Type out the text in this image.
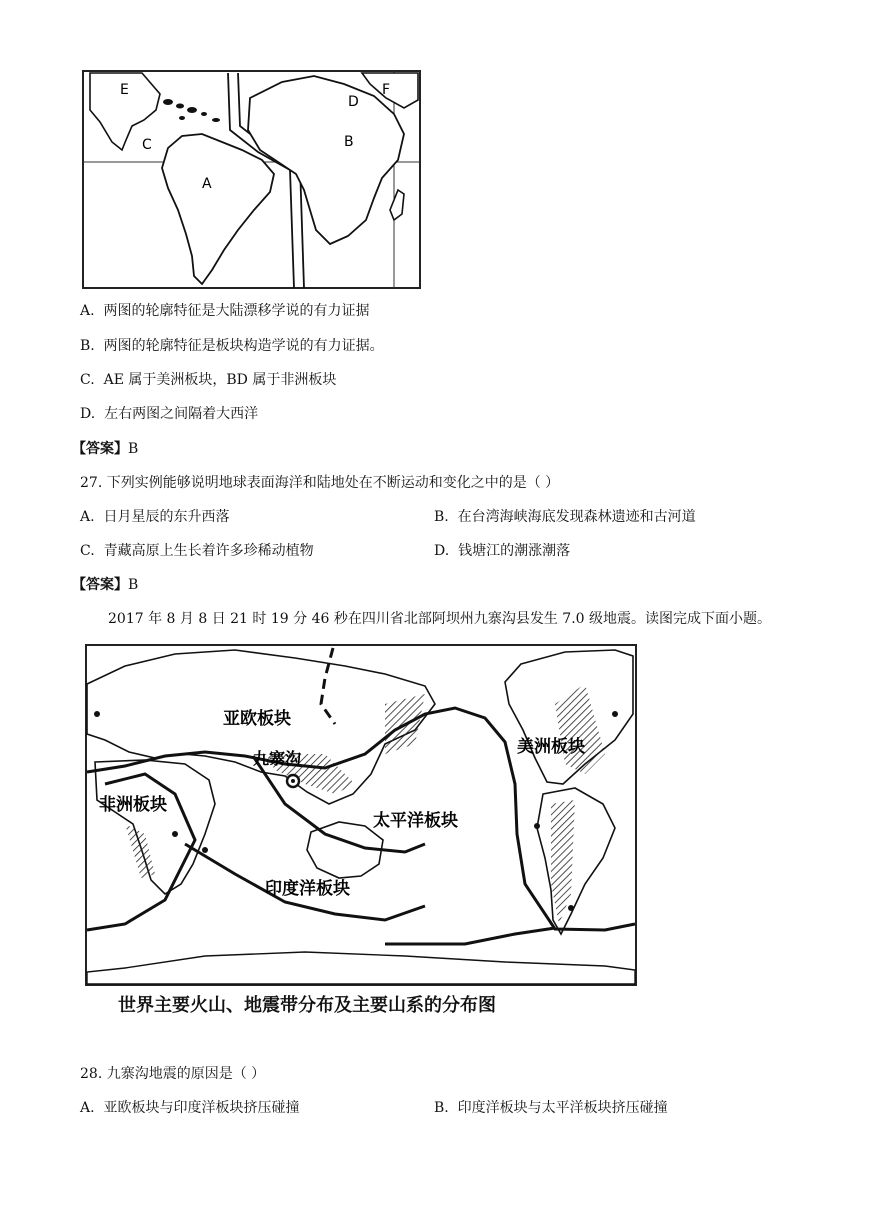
E
C
A
B
D
F
A. 两图的轮廓特征是大陆漂移学说的有力证据
B. 两图的轮廓特征是板块构造学说的有力证据。
C. AE 属于美洲板块，BD 属于非洲板块
D. 左右两图之间隔着大西洋
【答案】B
27. 下列实例能够说明地球表面海洋和陆地处在不断运动和变化之中的是（ ）
A. 日月星辰的东升西落	B. 在台湾海峡海底发现森林遗迹和古河道
C. 青藏高原上生长着许多珍稀动植物	D. 钱塘江的潮涨潮落
【答案】B
2017 年 8 月 8 日 21 时 19 分 46 秒在四川省北部阿坝州九寨沟县发生 7.0 级地震。读图完成下面小题。
亚欧板块
九寨沟
美洲板块
非洲板块
太平洋板块
印度洋板块
世界主要火山、地震带分布及主要山系的分布图
28. 九寨沟地震的原因是（ ）
A. 亚欧板块与印度洋板块挤压碰撞	B. 印度洋板块与太平洋板块挤压碰撞
